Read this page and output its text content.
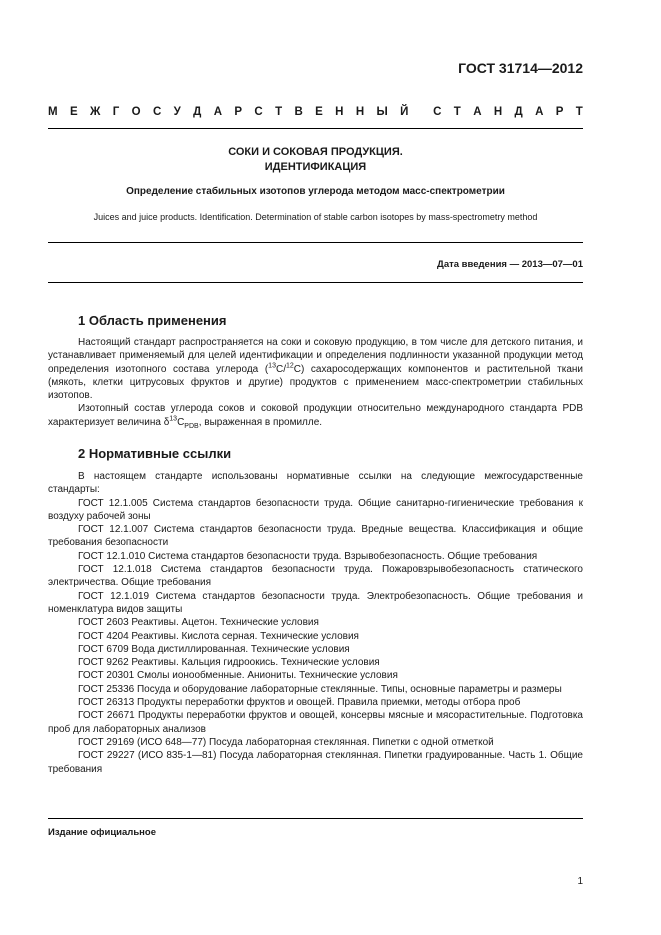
ГОСТ 31714—2012
М Е Ж Г О С У Д А Р С Т В Е Н Н Ы Й С Т А Н Д А Р Т
СОКИ И СОКОВАЯ ПРОДУКЦИЯ.
ИДЕНТИФИКАЦИЯ
Определение стабильных изотопов углерода методом масс-спектрометрии
Juices and juice products. Identification. Determination of stable carbon isotopes by mass-spectrometry method
Дата введения — 2013—07—01
1 Область применения

Настоящий стандарт распространяется на соки и соковую продукцию, в том числе для детского питания, и устанавливает применяемый для целей идентификации и определения подлинности указанной продукции метод определения изотопного состава углерода ($^{13}$C/$^{12}$C) сахаросодержащих компонентов и растительной ткани (мякоть, клетки цитрусовых фруктов и другие) продуктов с применением масс-спектрометрии стабильных изотопов.

Изотопный состав углерода соков и соковой продукции относительно международного стандарта PDB характеризует величина $\delta^{13}C_{PDB}$, выраженная в промилле.

2 Нормативные ссылки

В настоящем стандарте использованы нормативные ссылки на следующие межгосударственные стандарты:

ГОСТ 12.1.005 Система стандартов безопасности труда. Общие санитарно-гигиенические требования к воздуху рабочей зоны

ГОСТ 12.1.007 Система стандартов безопасности труда. Вредные вещества. Классификация и общие требования безопасности

ГОСТ 12.1.010 Система стандартов безопасности труда. Взрывобезопасность. Общие требования

ГОСТ 12.1.018 Система стандартов безопасности труда. Пожаровзрывобезопасность статического электричества. Общие требования

ГОСТ 12.1.019 Система стандартов безопасности труда. Электробезопасность. Общие требования и номенклатура видов защиты

ГОСТ 2603 Реактивы. Ацетон. Технические условия

ГОСТ 4204 Реактивы. Кислота серная. Технические условия

ГОСТ 6709 Вода дистиллированная. Технические условия

ГОСТ 9262 Реактивы. Кальция гидроокись. Технические условия

ГОСТ 20301 Смолы ионообменные. Аниониты. Технические условия

ГОСТ 25336 Посуда и оборудование лабораторные стеклянные. Типы, основные параметры и размеры

ГОСТ 26313 Продукты переработки фруктов и овощей. Правила приемки, методы отбора проб

ГОСТ 26671 Продукты переработки фруктов и овощей, консервы мясные и мясорастительные. Подготовка проб для лабораторных анализов

ГОСТ 29169 (ИСО 648—77) Посуда лабораторная стеклянная. Пипетки с одной отметкой

ГОСТ 29227 (ИСО 835-1—81) Посуда лабораторная стеклянная. Пипетки градуированные. Часть 1. Общие требования

Издание официальное
1
